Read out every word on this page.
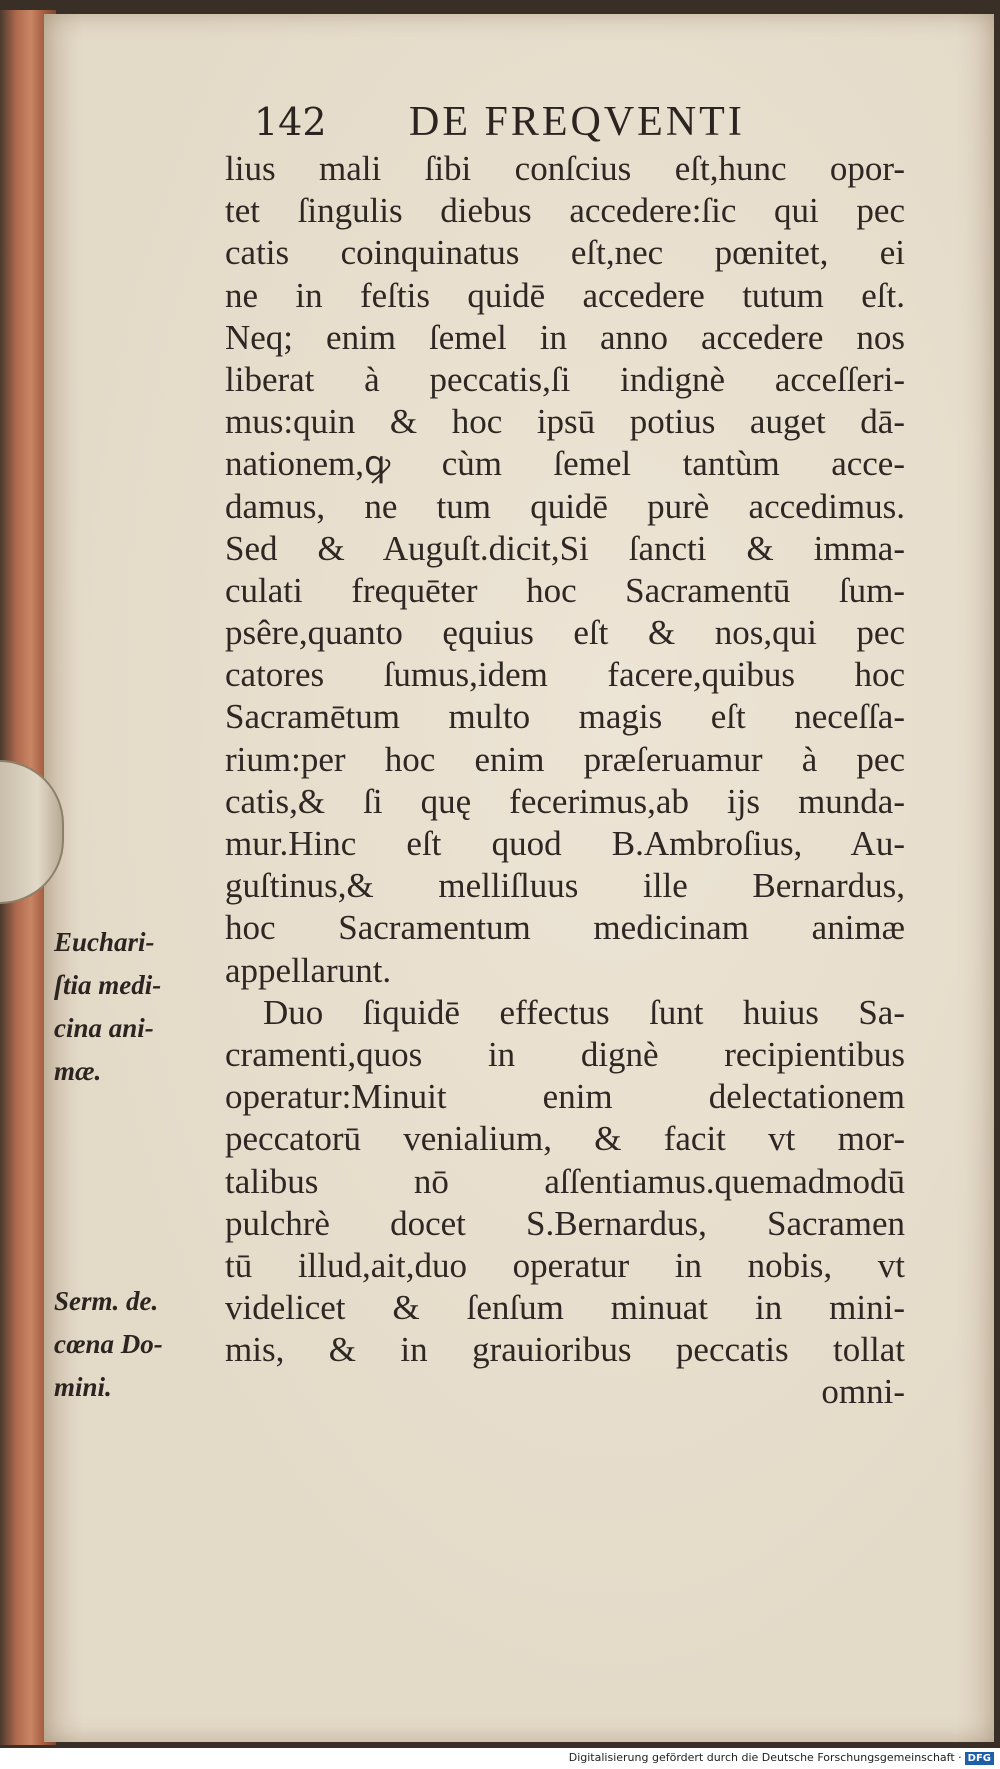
142 DE FREQVENTI
Euchari-
ſtia medi-
cina ani-
mæ.
Serm. de.
cœna Do-
mini.
lius mali ſibi conſcius eſt,hunc opor-
tet ſingulis diebus accedere:ſic qui pec
catis coinquinatus eſt,nec pœnitet, ei
ne in feſtis quidē accedere tutum eſt.
Neq; enim ſemel in anno accedere nos
liberat à peccatis,ſi indignè acceſſeri-
mus:quin & hoc ipsū potius auget dā-
nationem,ꝙ cùm ſemel tantùm acce-
damus, ne tum quidē purè accedimus.
Sed & Auguſt.dicit,Si ſancti & imma-
culati frequēter hoc Sacramentū ſum-
psêre,quanto ęquius eſt & nos,qui pec
catores ſumus,idem facere,quibus hoc
Sacramētum multo magis eſt neceſſa-
rium:per hoc enim præſeruamur à pec
catis,& ſi quę fecerimus,ab ijs munda-
mur.Hinc eſt quod B.Ambroſius, Au-
guſtinus,& melliſluus ille Bernardus,
hoc Sacramentum medicinam animæ
appellarunt.
Duo ſiquidē effectus ſunt huius Sa-
cramenti,quos in dignè recipientibus
operatur:Minuit enim delectationem
peccatorū venialium, & facit vt mor-
talibus nō aſſentiamus.quemadmodū
pulchrè docet S.Bernardus, Sacramen
tū illud,ait,duo operatur in nobis, vt
videlicet & ſenſum minuat in mini-
mis, & in grauioribus peccatis tollat
omni-
Digitalisierung gefördert durch die Deutsche Forschungsgemeinschaft · DFG
